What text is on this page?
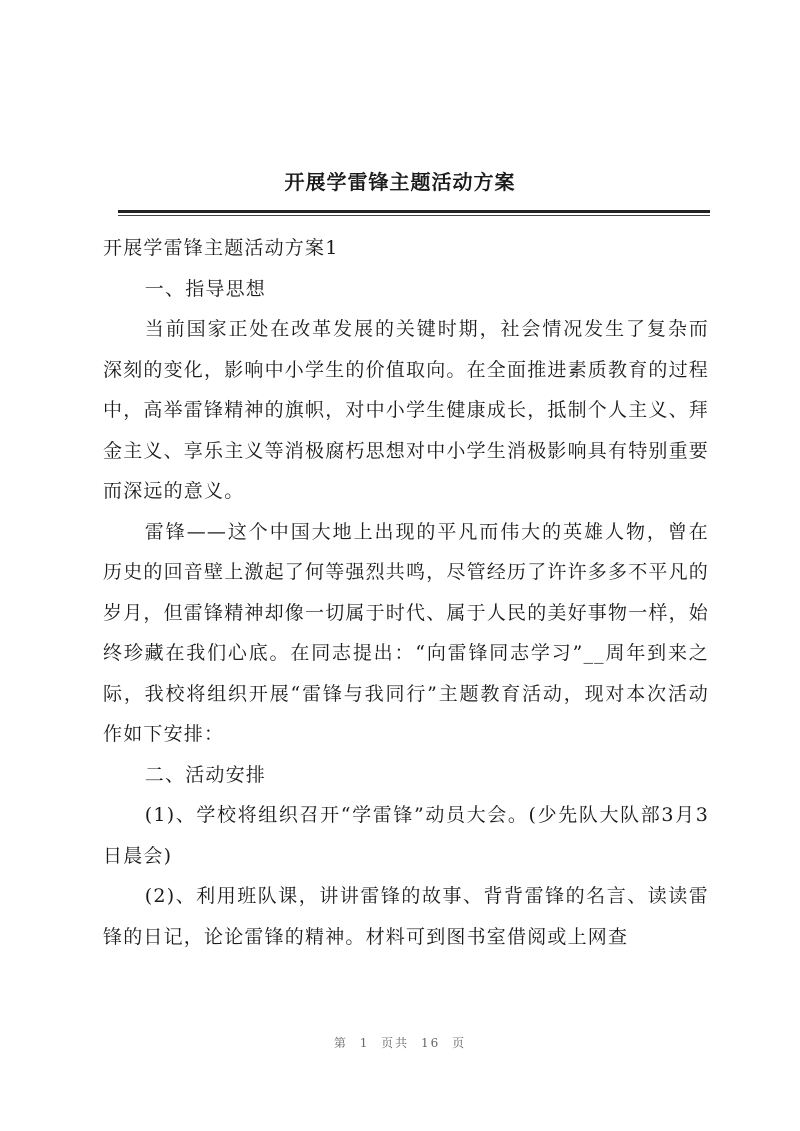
开展学雷锋主题活动方案

开展学雷锋主题活动方案1

一、指导思想

当前国家正处在改革发展的关键时期，社会情况发生了复杂而深刻的变化，影响中小学生的价值取向。在全面推进素质教育的过程中，高举雷锋精神的旗帜，对中小学生健康成长，抵制个人主义、拜金主义、享乐主义等消极腐朽思想对中小学生消极影响具有特别重要而深远的意义。

雷锋——这个中国大地上出现的平凡而伟大的英雄人物，曾在历史的回音壁上激起了何等强烈共鸣，尽管经历了许许多多不平凡的岁月，但雷锋精神却像一切属于时代、属于人民的美好事物一样，始终珍藏在我们心底。在同志提出：“向雷锋同志学习”__周年到来之际，我校将组织开展“雷锋与我同行”主题教育活动，现对本次活动作如下安排：

二、活动安排

(1)、学校将组织召开“学雷锋”动员大会。(少先队大队部3月3日晨会)

(2)、利用班队课，讲讲雷锋的故事、背背雷锋的名言、读读雷锋的日记，论论雷锋的精神。材料可到图书室借阅或上网查

第 1 页共 16 页
